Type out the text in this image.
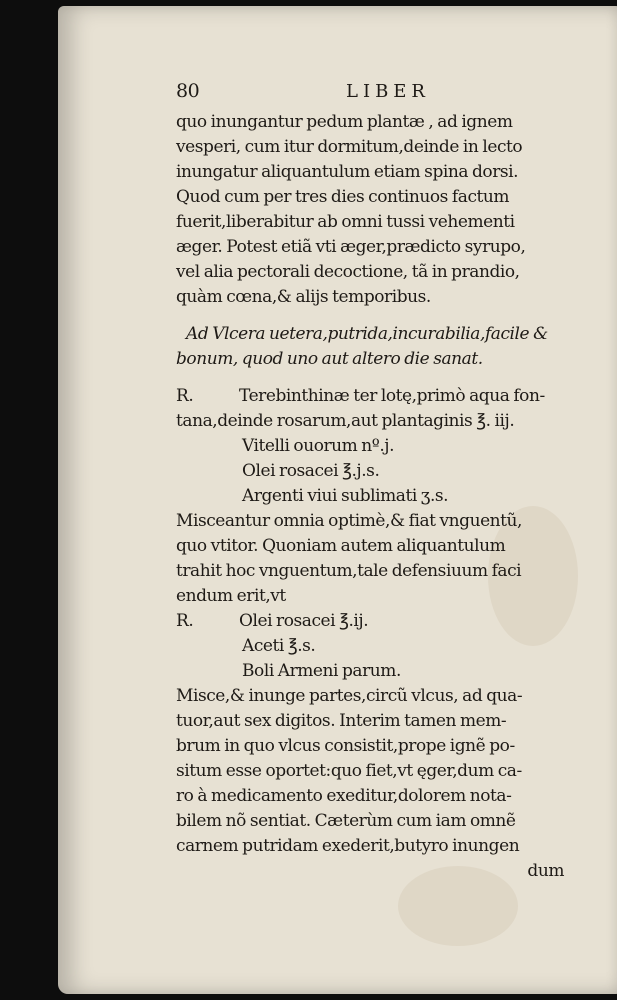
80	LIBER
quo inungantur pedum plantæ , ad ignem
vesperi, cum itur dormitum,deinde in lecto
inungatur aliquantulum etiam spina dorsi.
Quod cum per tres dies continuos factum
fuerit,liberabitur ab omni tussi vehementi
æger. Potest etiã vti æger,prædicto syrupo,
vel alia pectorali decoctione, tã in prandio,
quàm cœna,& alijs temporibus.
Ad Vlcera uetera,putrida,incurabilia,facile &
bonum, quod uno aut altero die sanat.
R.	Terebinthinæ ter lotę,primò aqua fon-
tana,deinde rosarum,aut plantaginis ℥. iij.
Vitelli ouorum nº.j.
Olei rosacei ℥.j.s.
Argenti viui sublimati ʒ.s.
Misceantur omnia optimè,& fiat vnguentũ,
quo vtitor. Quoniam autem aliquantulum
trahit hoc vnguentum,tale defensiuum faci
endum erit,vt
R.	Olei rosacei ℥.ij.
Aceti ℥.s.
Boli Armeni parum.
Misce,& inunge partes,circũ vlcus, ad qua-
tuor,aut sex digitos. Interim tamen mem-
brum in quo vlcus consistit,prope ignẽ po-
situm esse oportet:quo fiet,vt ęger,dum ca-
ro à medicamento exeditur,dolorem nota-
bilem nõ sentiat. Cæterùm cum iam omnẽ
carnem putridam exederit,butyro inungen
dum
